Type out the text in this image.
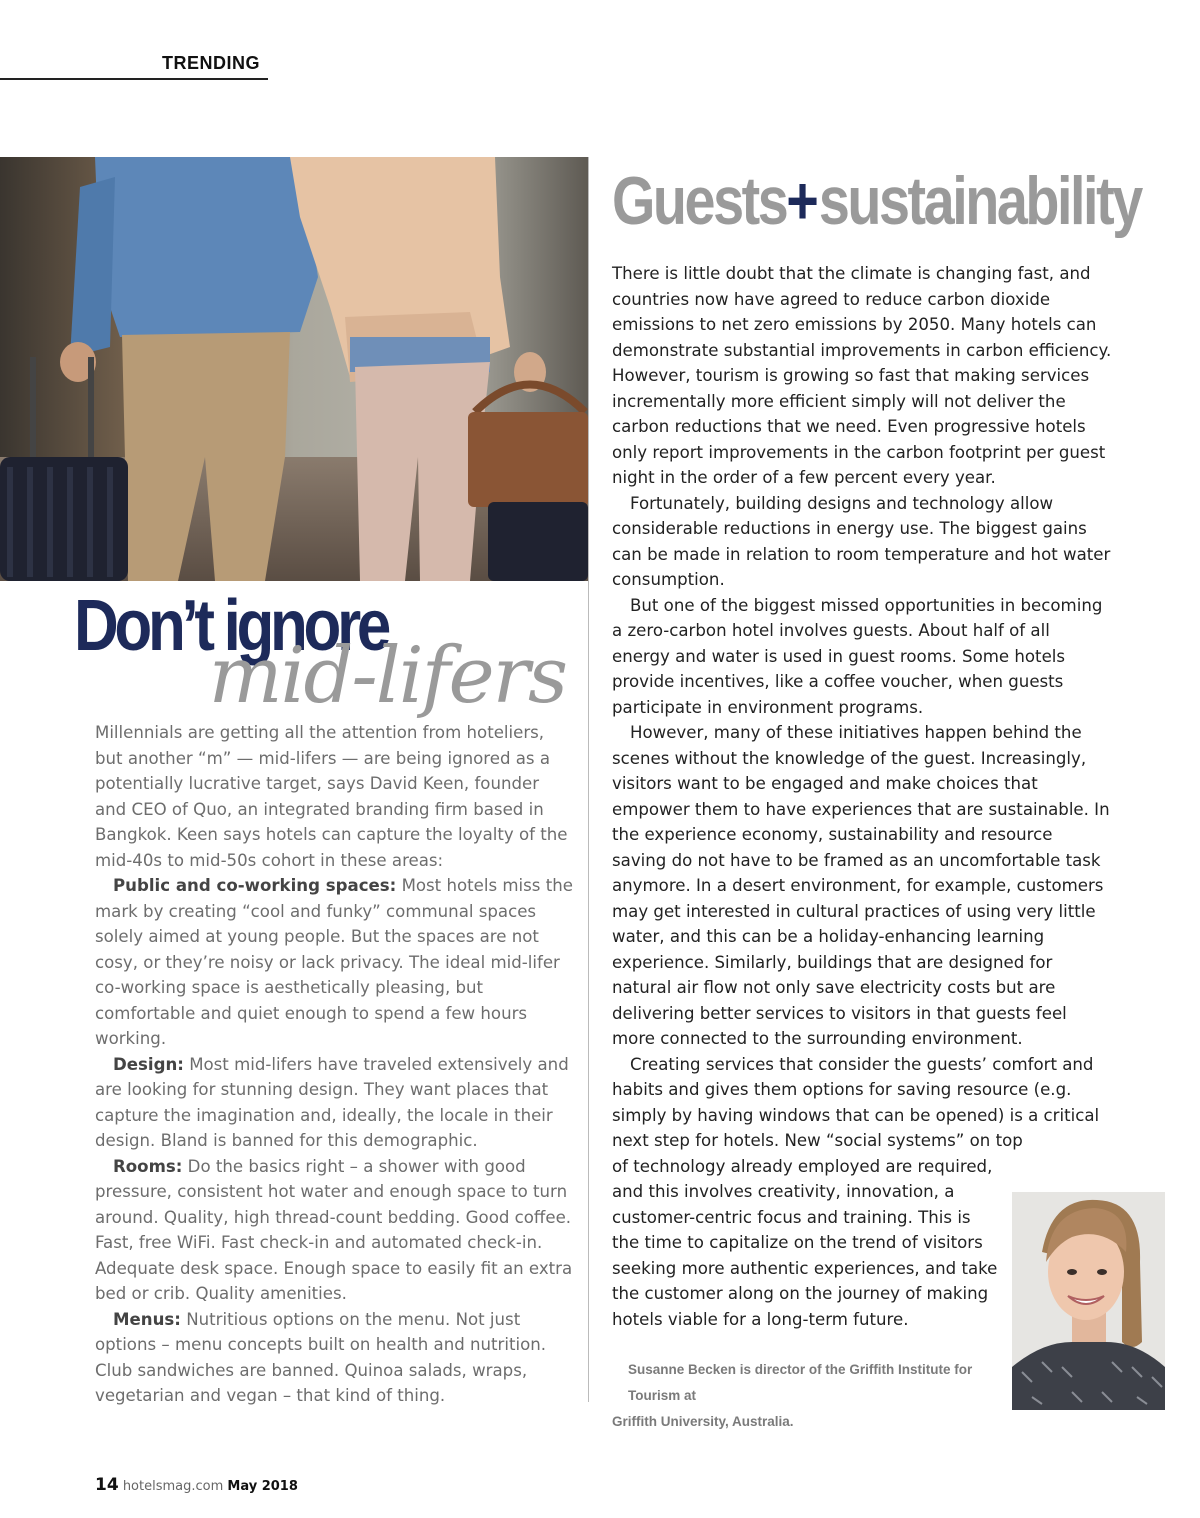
TRENDING
Don’t ignore
mid-lifers

Millennials are getting all the attention from hoteliers, but another “m” — mid-lifers — are being ignored as a potentially lucrative target, says David Keen, founder and CEO of Quo, an integrated branding firm based in Bangkok. Keen says hotels can capture the loyalty of the mid-40s to mid-50s cohort in these areas:

Public and co-working spaces: Most hotels miss the mark by creating “cool and funky” communal spaces solely aimed at young people. But the spaces are not cosy, or they’re noisy or lack privacy. The ideal mid-lifer co-working space is aesthetically pleasing, but comfortable and quiet enough to spend a few hours working.

Design: Most mid-lifers have traveled extensively and are looking for stunning design. They want places that capture the imagination and, ideally, the locale in their design. Bland is banned for this demographic.

Rooms: Do the basics right – a shower with good pressure, consistent hot water and enough space to turn around. Quality, high thread-count bedding. Good coffee. Fast, free WiFi. Fast check-in and automated check-in. Adequate desk space. Enough space to easily fit an extra bed or crib. Quality amenities.

Menus: Nutritious options on the menu. Not just options – menu concepts built on health and nutrition. Club sandwiches are banned. Quinoa salads, wraps, vegetarian and vegan – that kind of thing.

Guests+sustainability

There is little doubt that the climate is changing fast, and countries now have agreed to reduce carbon dioxide emissions to net zero emissions by 2050. Many hotels can demonstrate substantial improvements in carbon efficiency. However, tourism is growing so fast that making services incrementally more efficient simply will not deliver the carbon reductions that we need. Even progressive hotels only report improvements in the carbon footprint per guest night in the order of a few percent every year.

Fortunately, building designs and technology allow considerable reductions in energy use. The biggest gains can be made in relation to room temperature and hot water consumption.

But one of the biggest missed opportunities in becoming a zero-carbon hotel involves guests. About half of all energy and water is used in guest rooms. Some hotels provide incentives, like a coffee voucher, when guests participate in environment programs.

However, many of these initiatives happen behind the scenes without the knowledge of the guest. Increasingly, visitors want to be engaged and make choices that empower them to have experiences that are sustainable. In the experience economy, sustainability and resource saving do not have to be framed as an uncomfortable task anymore. In a desert environment, for example, customers may get interested in cultural practices of using very little water, and this can be a holiday-enhancing learning experience. Similarly, buildings that are designed for natural air flow not only save electricity costs but are delivering better services to visitors in that guests feel more connected to the surrounding environment.

Creating services that consider the guests’ comfort and habits and gives them options for saving resource (e.g. simply by having windows that can be opened) is a critical next step for hotels. New “social systems” on top

of technology already employed are required, and this involves creativity, innovation, a customer-centric focus and training. This is the time to capitalize on the trend of visitors seeking more authentic experiences, and take the customer along on the journey of making hotels viable for a long-term future.

Susanne Becken is director of the Griffith Institute for Tourism at
Griffith University, Australia.
14 hotelsmag.com May 2018
